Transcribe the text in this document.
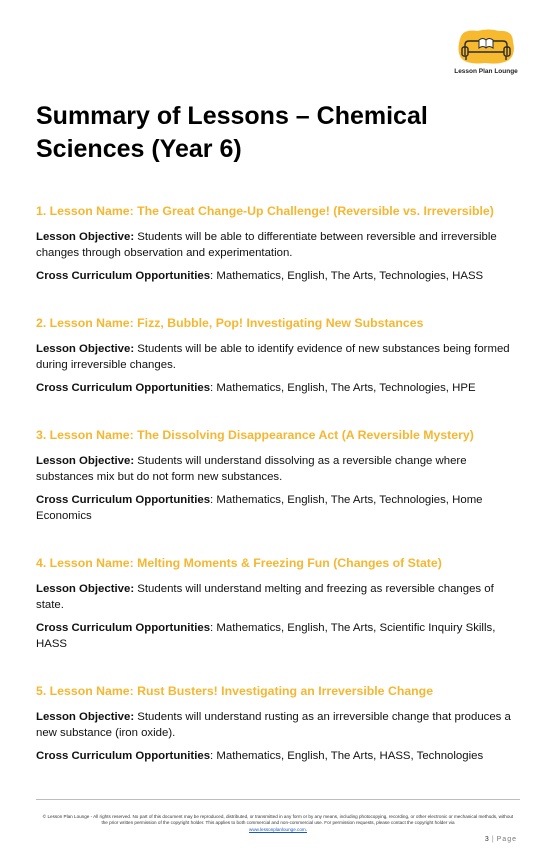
Lesson Plan Lounge
Summary of Lessons – Chemical Sciences (Year 6)
1. Lesson Name: The Great Change-Up Challenge! (Reversible vs. Irreversible)
Lesson Objective: Students will be able to differentiate between reversible and irreversible changes through observation and experimentation.
Cross Curriculum Opportunities: Mathematics, English, The Arts, Technologies, HASS
2. Lesson Name: Fizz, Bubble, Pop! Investigating New Substances
Lesson Objective: Students will be able to identify evidence of new substances being formed during irreversible changes.
Cross Curriculum Opportunities: Mathematics, English, The Arts, Technologies, HPE
3. Lesson Name: The Dissolving Disappearance Act (A Reversible Mystery)
Lesson Objective: Students will understand dissolving as a reversible change where substances mix but do not form new substances.
Cross Curriculum Opportunities: Mathematics, English, The Arts, Technologies, Home Economics
4. Lesson Name: Melting Moments & Freezing Fun (Changes of State)
Lesson Objective: Students will understand melting and freezing as reversible changes of state.
Cross Curriculum Opportunities: Mathematics, English, The Arts, Scientific Inquiry Skills, HASS
5. Lesson Name: Rust Busters! Investigating an Irreversible Change
Lesson Objective: Students will understand rusting as an irreversible change that produces a new substance (iron oxide).
Cross Curriculum Opportunities: Mathematics, English, The Arts, HASS, Technologies
© Lesson Plan Lounge - All rights reserved. No part of this document may be reproduced, distributed, or transmitted in any form or by any means, including photocopying, recording, or other electronic or mechanical methods, without the prior written permission of the copyright holder. This applies to both commercial and non-commercial use. For permission requests, please contact the copyright holder via
www.lessonplanlounge.com.
3 | Page
